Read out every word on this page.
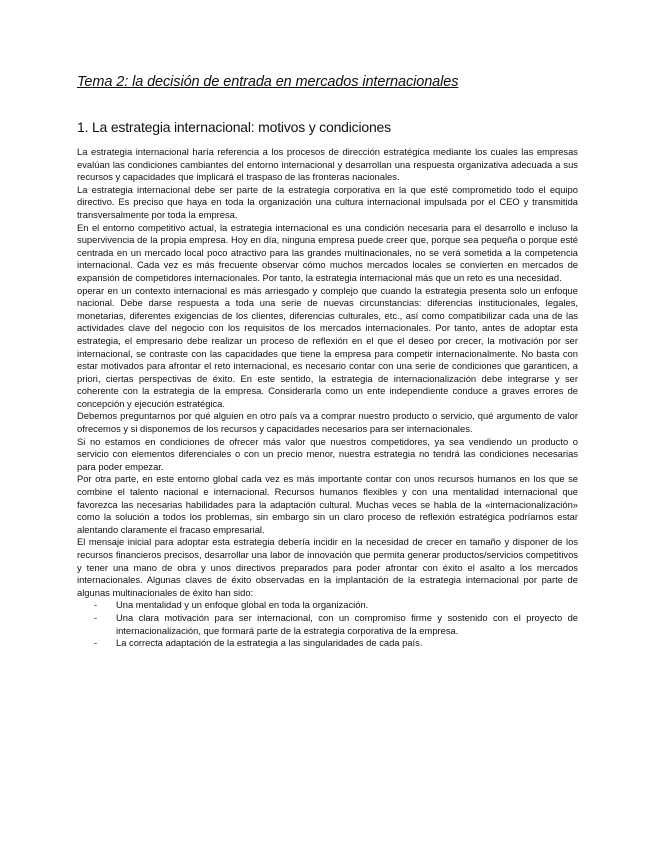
Tema 2: la decisión de entrada en mercados internacionales
1. La estrategia internacional: motivos y condiciones

La estrategia internacional haría referencia a los procesos de dirección estratégica mediante los cuales las empresas evalúan las condiciones cambiantes del entorno internacional y desarrollan una respuesta organizativa adecuada a sus recursos y capacidades que implicará el traspaso de las fronteras nacionales.

La estrategia internacional debe ser parte de la estrategia corporativa en la que esté comprometido todo el equipo directivo. Es preciso que haya en toda la organización una cultura internacional impulsada por el CEO y transmitida transversalmente por toda la empresa.

En el entorno competitivo actual, la estrategia internacional es una condición necesaria para el desarrollo e incluso la supervivencia de la propia empresa. Hoy en día, ninguna empresa puede creer que, porque sea pequeña o porque esté centrada en un mercado local poco atractivo para las grandes multinacionales, no se verá sometida a la competencia internacional. Cada vez es más frecuente observar cómo muchos mercados locales se convierten en mercados de expansión de competidores internacionales. Por tanto, la estrategia internacional más que un reto es una necesidad.

operar en un contexto internacional es más arriesgado y complejo que cuando la estrategia presenta solo un enfoque nacional. Debe darse respuesta a toda una serie de nuevas circunstancias: diferencias institucionales, legales, monetarias, diferentes exigencias de los clientes, diferencias culturales, etc., así como compatibilizar cada una de las actividades clave del negocio con los requisitos de los mercados internacionales. Por tanto, antes de adoptar esta estrategia, el empresario debe realizar un proceso de reflexión en el que el deseo por crecer, la motivación por ser internacional, se contraste con las capacidades que tiene la empresa para competir internacionalmente. No basta con estar motivados para afrontar el reto internacional, es necesario contar con una serie de condiciones que garanticen, a priori, ciertas perspectivas de éxito. En este sentido, la estrategia de internacionalización debe integrarse y ser coherente con la estrategia de la empresa. Considerarla como un ente independiente conduce a graves errores de concepción y ejecución estratégica.

Debemos preguntarnos por qué alguien en otro país va a comprar nuestro producto o servicio, qué argumento de valor ofrecemos y si disponemos de los recursos y capacidades necesarios para ser internacionales.

Si no estamos en condiciones de ofrecer más valor que nuestros competidores, ya sea vendiendo un producto o servicio con elementos diferenciales o con un precio menor, nuestra estrategia no tendrá las condiciones necesarias para poder empezar.

Por otra parte, en este entorno global cada vez es más importante contar con unos recursos humanos en los que se combine el talento nacional e internacional. Recursos humanos flexibles y con una mentalidad internacional que favorezca las necesarias habilidades para la adaptación cultural. Muchas veces se habla de la «internacionalización» como la solución a todos los problemas, sin embargo sin un claro proceso de reflexión estratégica podríamos estar alentando claramente el fracaso empresarial.

El mensaje inicial para adoptar esta estrategia debería incidir en la necesidad de crecer en tamaño y disponer de los recursos financieros precisos, desarrollar una labor de innovación que permita generar productos/servicios competitivos y tener una mano de obra y unos directivos preparados para poder afrontar con éxito el asalto a los mercados internacionales. Algunas claves de éxito observadas en la implantación de la estrategia internacional por parte de algunas multinacionales de éxito han sido:

- Una mentalidad y un enfoque global en toda la organización.
- Una clara motivación para ser internacional, con un compromiso firme y sostenido con el proyecto de internacionalización, que formará parte de la estrategia corporativa de la empresa.
- La correcta adaptación de la estrategia a las singularidades de cada país.
